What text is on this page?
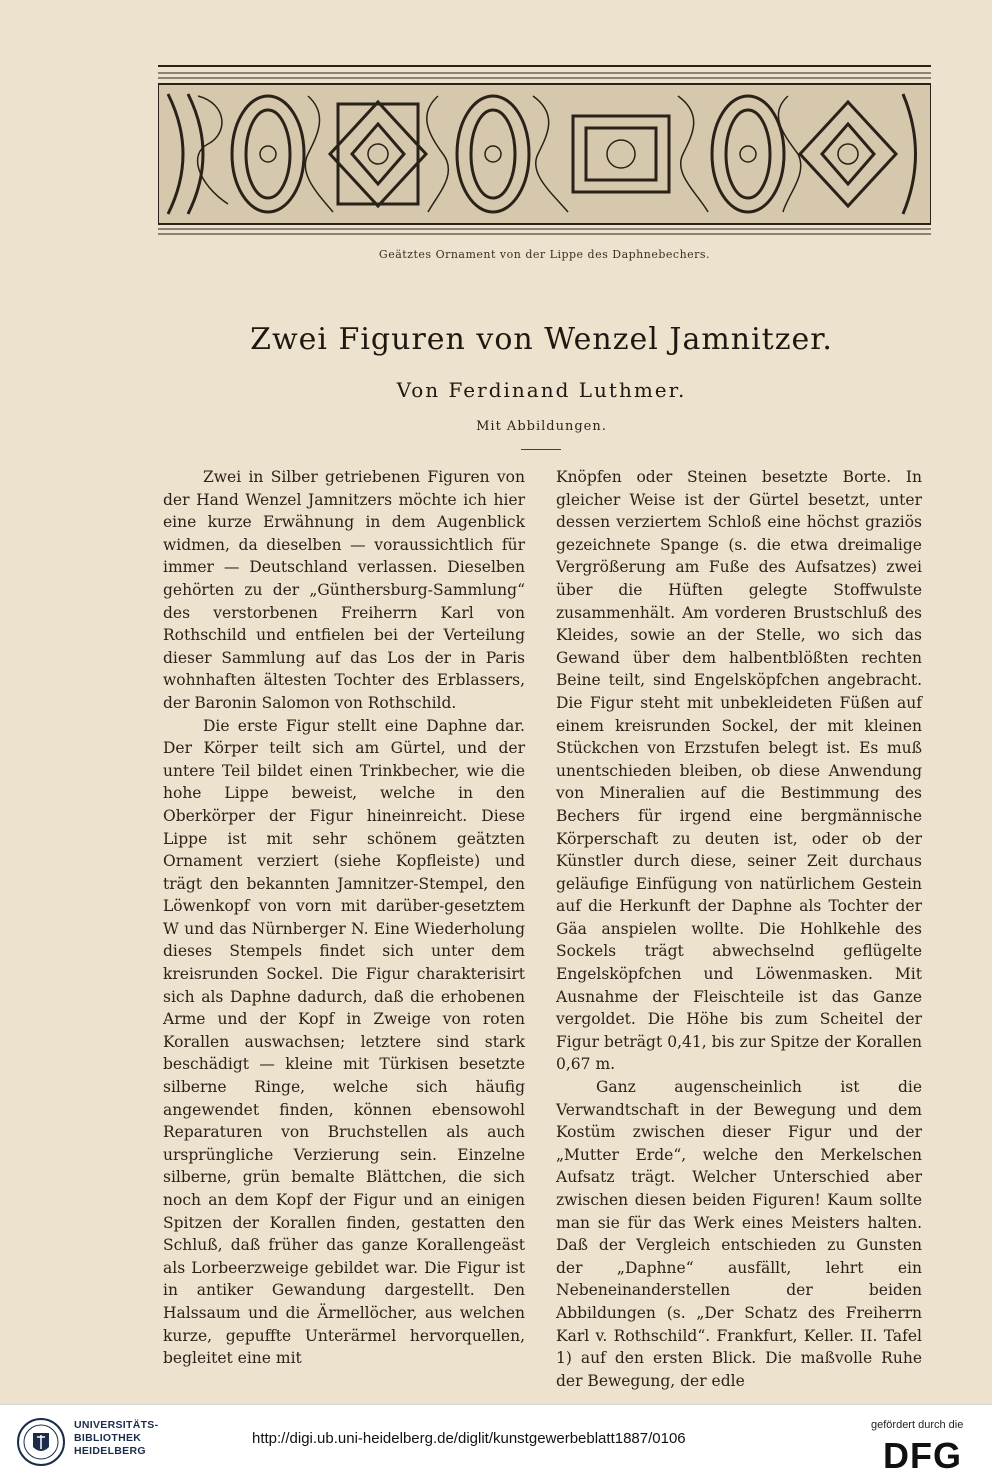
Geätztes Ornament von der Lippe des Daphnebechers.
Zwei Figuren von Wenzel Jamnitzer.
Von Ferdinand Luthmer.
Mit Abbildungen.

Zwei in Silber getriebenen Figuren von der Hand Wenzel Jamnitzers möchte ich hier eine kurze Erwähnung in dem Augenblick widmen, da dieselben — voraussichtlich für immer — Deutschland verlassen. Dieselben gehörten zu der „Günthersburg-Sammlung“ des verstorbenen Freiherrn Karl von Rothschild und entfielen bei der Verteilung dieser Sammlung auf das Los der in Paris wohnhaften ältesten Tochter des Erblassers, der Baronin Salomon von Rothschild.

Die erste Figur stellt eine Daphne dar. Der Körper teilt sich am Gürtel, und der untere Teil bildet einen Trinkbecher, wie die hohe Lippe beweist, welche in den Oberkörper der Figur hineinreicht. Diese Lippe ist mit sehr schönem geätzten Ornament verziert (siehe Kopfleiste) und trägt den bekannten Jamnitzer-Stempel, den Löwenkopf von vorn mit darüber-gesetztem W und das Nürnberger N. Eine Wiederholung dieses Stempels findet sich unter dem kreisrunden Sockel. Die Figur charakterisirt sich als Daphne dadurch, daß die erhobenen Arme und der Kopf in Zweige von roten Korallen auswachsen; letztere sind stark beschädigt — kleine mit Türkisen besetzte silberne Ringe, welche sich häufig angewendet finden, können ebensowohl Reparaturen von Bruchstellen als auch ursprüngliche Verzierung sein. Einzelne silberne, grün bemalte Blättchen, die sich noch an dem Kopf der Figur und an einigen Spitzen der Korallen finden, gestatten den Schluß, daß früher das ganze Korallengeäst als Lorbeerzweige gebildet war. Die Figur ist in antiker Gewandung dargestellt. Den Halssaum und die Ärmellöcher, aus welchen kurze, gepuffte Unterärmel hervorquellen, begleitet eine mit

Knöpfen oder Steinen besetzte Borte. In gleicher Weise ist der Gürtel besetzt, unter dessen verziertem Schloß eine höchst graziös gezeichnete Spange (s. die etwa dreimalige Vergrößerung am Fuße des Aufsatzes) zwei über die Hüften gelegte Stoffwulste zusammenhält. Am vorderen Brustschluß des Kleides, sowie an der Stelle, wo sich das Gewand über dem halbentblößten rechten Beine teilt, sind Engelsköpfchen angebracht. Die Figur steht mit unbekleideten Füßen auf einem kreisrunden Sockel, der mit kleinen Stückchen von Erzstufen belegt ist. Es muß unentschieden bleiben, ob diese Anwendung von Mineralien auf die Bestimmung des Bechers für irgend eine bergmännische Körperschaft zu deuten ist, oder ob der Künstler durch diese, seiner Zeit durchaus geläufige Einfügung von natürlichem Gestein auf die Herkunft der Daphne als Tochter der Gäa anspielen wollte. Die Hohlkehle des Sockels trägt abwechselnd geflügelte Engelsköpfchen und Löwenmasken. Mit Ausnahme der Fleischteile ist das Ganze vergoldet. Die Höhe bis zum Scheitel der Figur beträgt 0,41, bis zur Spitze der Korallen 0,67 m.

Ganz augenscheinlich ist die Verwandtschaft in der Bewegung und dem Kostüm zwischen dieser Figur und der „Mutter Erde“, welche den Merkelschen Aufsatz trägt. Welcher Unterschied aber zwischen diesen beiden Figuren! Kaum sollte man sie für das Werk eines Meisters halten. Daß der Vergleich entschieden zu Gunsten der „Daphne“ ausfällt, lehrt ein Nebeneinanderstellen der beiden Abbildungen (s. „Der Schatz des Freiherrn Karl v. Rothschild“. Frankfurt, Keller. II. Tafel 1) auf den ersten Blick. Die maßvolle Ruhe der Bewegung, der edle

UNIVERSITÄTS-
BIBLIOTHEK
HEIDELBERG
http://digi.ub.uni-heidelberg.de/diglit/kunstgewerbeblatt1887/0106
gefördert durch die
DFG
